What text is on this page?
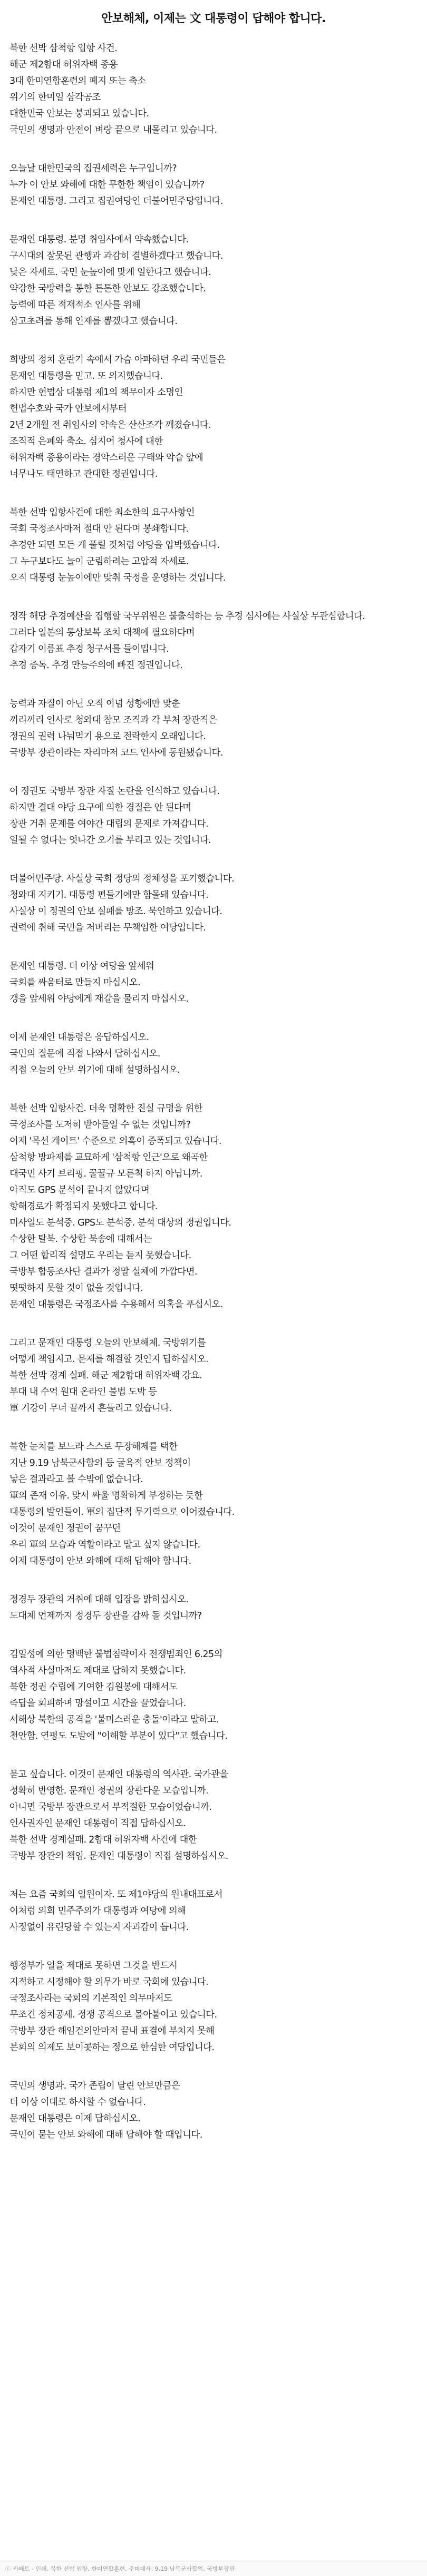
안보해체, 이제는 文 대통령이 답해야 합니다.
북한 선박 삼척항 입항 사건.
해군 제2함대 허위자백 종용
3대 한미연합훈련의 폐지 또는 축소
위기의 한미일 삼각공조
대한민국 안보는 붕괴되고 있습니다.
국민의 생명과 안전이 벼랑 끝으로 내몰리고 있습니다.
오늘날 대한민국의 집권세력은 누구입니까?
누가 이 안보 와해에 대한 무한한 책임이 있습니까?
문재인 대통령. 그리고 집권여당인 더불어민주당입니다.
문재인 대통령. 분명 취임사에서 약속했습니다.
구시대의 잘못된 관행과 과감히 결별하겠다고 했습니다.
낮은 자세로. 국민 눈높이에 맞게 일한다고 했습니다.
약강한 국방력을 통한 튼튼한 안보도 강조했습니다.
능력에 따른 적재적소 인사를 위해
삼고초려를 통해 인재를 뽑겠다고 했습니다.
희망의 정치 혼란기 속에서 가슴 아파하던 우리 국민들은
문재인 대통령을 믿고. 또 의지했습니다.
하지만 헌법상 대통령 제1의 책무이자 소명인
헌법수호와 국가 안보에서부터
2년 2개월 전 취임사의 약속은 산산조각 깨졌습니다.
조직적 은폐와 축소. 심지어 청사에 대한
허위자백 종용이라는 경악스러운 구태와 악습 앞에
너무나도 태연하고 관대한 정권입니다.
북한 선박 입항사건에 대한 최소한의 요구사항인
국회 국정조사마저 절대 안 된다며 봉쇄합니다.
추경안 되면 모든 게 풀릴 것처럼 야당을 압박했습니다.
그 누구보다도 늘이 군림하려는 고압적 자세로.
오직 대통령 눈높이에만 맞춰 국정을 운영하는 것입니다.
정작 해당 추경예산을 집행할 국무위원은 불출석하는 등 추경 심사에는 사실상 무관심합니다.
그러다 일본의 통상보복 조치 대책에 필요하다며
갑자기 이름표 추경 청구서를 들이밉니다.
추경 증독. 추경 만능주의에 빠진 정권입니다.
능력과 자질이 아닌 오직 이념 성향에만 맞춘
끼리끼리 인사로 청와대 참모 조직과 각 부처 장관직은
정권의 권력 나눠먹기 용으로 전락한지 오래입니다.
국방부 장관이라는 자리마저 코드 인사에 동원됐습니다.
이 정권도 국방부 장관 자질 논란을 인식하고 있습니다.
하지만 결대 야당 요구에 의한 경질은 안 된다며
장관 거취 문제를 여야간 대립의 문제로 가져갑니다.
일될 수 없다는 엇나간 오기를 부리고 있는 것입니다.
더불어민주당. 사실상 국회 정당의 정체성을 포기했습니다.
청와대 지키기. 대통령 편들기에만 함몰돼 있습니다.
사실상 이 정권의 안보 실패를 방조. 묵인하고 있습니다.
권력에 취해 국민을 저버리는 무책임한 여당입니다.
문재인 대통령. 더 이상 여당을 앞세워
국회를 싸움터로 만들지 마십시오.
갱을 앞세워 야당에게 재갈을 물리지 마십시오.
이제 문재인 대통령은 응답하십시오.
국민의 질문에 직접 나와서 답하십시오.
직접 오늘의 안보 위기에 대해 설명하십시오.
북한 선박 입항사건. 더욱 명확한 진실 규명을 위한
국정조사를 도저히 받아들일 수 없는 것입니까?
이제 '목선 게이트' 수준으로 의혹이 증폭되고 있습니다.
삼척항 방파제를 교묘하게 '삼척항 인근'으로 왜곡한
대국민 사기 브리핑. 꿀꿀규 모른척 하지 아닙니까.
아직도 GPS 분석이 끝나지 않았다며
항해경로가 확정되지 못했다고 합니다.
미사일도 분석중. GPS도 분석중. 분석 대상의 정권입니다.
수상한 탈북. 수상한 북송에 대해서는
그 어떤 합리적 설명도 우리는 듣지 못했습니다.
국방부 합동조사단 결과가 정말 실체에 가깝다면.
떳떳하지 못할 것이 없을 것입니다.
문재인 대통령은 국정조사를 수용해서 의혹을 푸십시오.
그리고 문재인 대통령 오늘의 안보해체. 국방위기를
어떻게 책임지고. 문제를 해결할 것인지 답하십시오.
북한 선박 경계 실패. 해군 제2함대 허위자백 강요.
부대 내 수억 원대 온라인 불법 도박 등
軍 기강이 무너 끝까지 흔들리고 있습니다.
북한 눈치를 보느라 스스로 무장해제를 택한
지난 9.19 남북군사합의 등 굴욕적 안보 정책이
낳은 결과라고 볼 수밖에 없습니다.
軍의 존재 이유. 맞서 싸울 명확하게 부정하는 듯한
대통령의 발언들이. 軍의 집단적 무기력으로 이어졌습니다.
이것이 문재인 정권이 꿈꾸던
우리 軍의 모습과 역할이라고 말고 싶지 않습니다.
이제 대통령이 안보 와해에 대해 답해야 합니다.
정경두 장관의 거취에 대해 입장을 밝히십시오.
도대체 언제까지 정경두 장관을 감싸 돌 것입니까?
김일성에 의한 명백한 불법침략이자 전쟁범죄인 6.25의
역사적 사실마저도 제대로 답하지 못했습니다.
북한 정권 수립에 기여한 김원봉에 대해서도
즉답을 회피하며 망설이고 시간을 끌었습니다.
서해상 북한의 공격을 '불미스러운 충돌'이라고 말하고.
천안함. 연평도 도발에 "이해할 부분이 있다"고 했습니다.
묻고 싶습니다. 이것이 문재인 대통령의 역사관. 국가관을
정확히 반영한. 문재인 정권의 장관다운 모습입니까.
아니면 국방부 장관으로서 부적절한 모습이었습니까.
인사권자인 문재인 대통령이 직접 답하십시오.
북한 선박 경계실패. 2함대 허위자백 사건에 대한
국방부 장관의 책임. 문재인 대통령이 직접 설명하십시오.
저는 요즘 국회의 일원이자. 또 제1야당의 원내대표로서
이처럼 의회 민주주의가 대통령과 여당에 의해
사정없이 유린당할 수 있는지 자괴감이 듭니다.
행정부가 일을 제대로 못하면 그것을 반드시
지적하고 시정해야 할 의무가 바로 국회에 있습니다.
국정조사라는 국회의 기본적인 의무마저도
무조건 정치공세. 정쟁 공격으로 몰아붙이고 있습니다.
국방부 장관 해임건의안마저 끝내 표결에 부치지 못해
본회의 의제도 보이콧하는 정으로 한심한 여당입니다.
국민의 생명과. 국가 존립이 달린 안보만큼은
더 이상 이대로 하시할 수 없습니다.
문재인 대통령은 이제 답하십시오.
국민이 묻는 안보 와해에 대해 답해야 할 때입니다.
ⓒ 카페트 - 인쇄, 북한 선박 입항, 한미연합훈련, 주미대사, 9.19 남북군사합의, 국방부장관
